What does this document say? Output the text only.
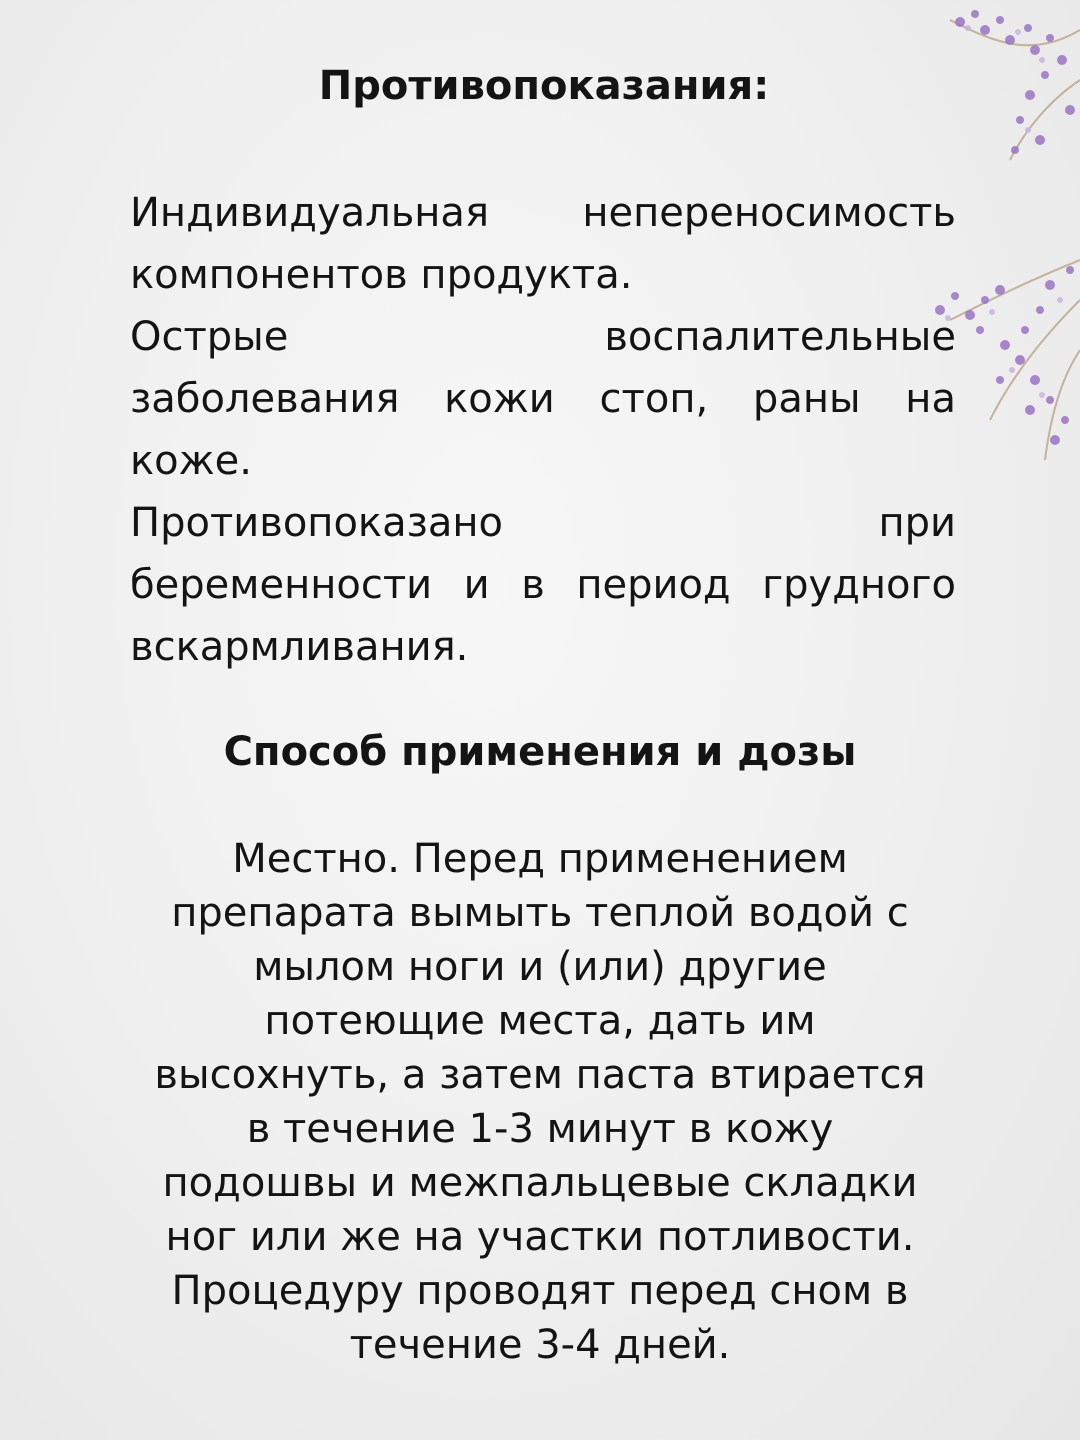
Противопоказания:
Индивидуальная непереносимость
компонентов продукта.
Острые	воспалительные
заболевания кожи стоп, раны на
коже.
Противопоказано	при
беременности и в период грудного
вскармливания.
Способ применения и дозы
Местно. Перед применением
препарата вымыть теплой водой с
мылом ноги и (или) другие
потеющие места, дать им
высохнуть, а затем паста втирается
в течение 1-3 минут в кожу
подошвы и межпальцевые складки
ног или же на участки потливости.
Процедуру проводят перед сном в
течение 3-4 дней.
